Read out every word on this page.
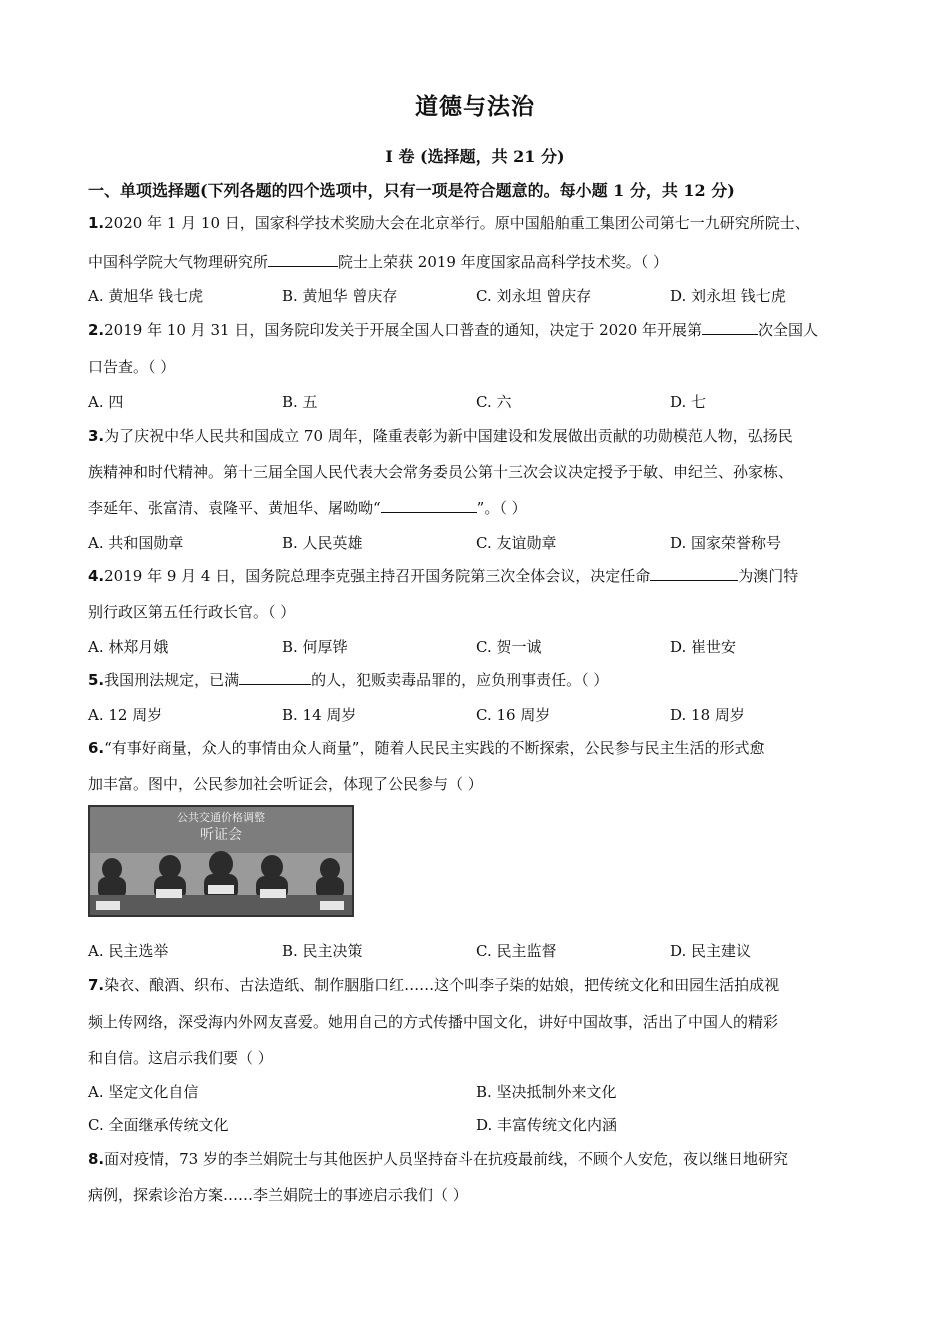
道德与法治
Ⅰ 卷 (选择题，共 21 分)
一、单项选择题(下列各题的四个选项中，只有一项是符合题意的。每小题 1 分，共 12 分)
1.2020 年 1 月 10 日，国家科学技术奖励大会在北京举行。原中国船舶重工集团公司第七一九研究所院士、
中国科学院大气物理研究所	院士上荣获 2019 年度国家品高科学技术奖。（ ）
A. 黄旭华 钱七虎	B. 黄旭华 曾庆存	C. 刘永坦 曾庆存	D. 刘永坦 钱七虎
2.2019 年 10 月 31 日，国务院印发关于开展全国人口普查的通知，决定于 2020 年开展第	次全国人
口告查。（ ）
A. 四	B. 五	C. 六	D. 七
3.为了庆祝中华人民共和国成立 70 周年，隆重表彰为新中国建设和发展做出贡献的功勋模范人物，弘扬民
族精神和时代精神。第十三届全国人民代表大会常务委员公第十三次会议决定授予于敏、申纪兰、孙家栋、
李延年、张富清、袁隆平、黄旭华、屠呦呦“	”。（ ）
A. 共和国勋章	B. 人民英雄	C. 友谊勋章	D. 国家荣誉称号
4.2019 年 9 月 4 日，国务院总理李克强主持召开国务院第三次全体会议，决定任命	为澳门特
别行政区第五任行政长官。（ ）
A. 林郑月娥	B. 何厚铧	C. 贺一诚	D. 崔世安
5.我国刑法规定，已满	的人，犯贩卖毒品罪的，应负刑事责任。（ ）
A. 12 周岁	B. 14 周岁	C. 16 周岁	D. 18 周岁
6.“有事好商量，众人的事情由众人商量”，随着人民民主实践的不断探索，公民参与民主生活的形式愈
加丰富。图中，公民参加社会听证会，体现了公民参与（ ）
公共交通价格调整
听证会
A. 民主选举	B. 民主决策	C. 民主监督	D. 民主建议
7.染衣、酿酒、织布、古法造纸、制作胭脂口红……这个叫李子柒的姑娘，把传统文化和田园生活拍成视
频上传网络，深受海内外网友喜爱。她用自己的方式传播中国文化，讲好中国故事，活出了中国人的精彩
和自信。这启示我们要（ ）
A. 坚定文化自信	B. 坚决抵制外来文化
C. 全面继承传统文化	D. 丰富传统文化内涵
8.面对疫情，73 岁的李兰娟院士与其他医护人员坚持奋斗在抗疫最前线，不顾个人安危，夜以继日地研究
病例，探索诊治方案……李兰娟院士的事迹启示我们（ ）
